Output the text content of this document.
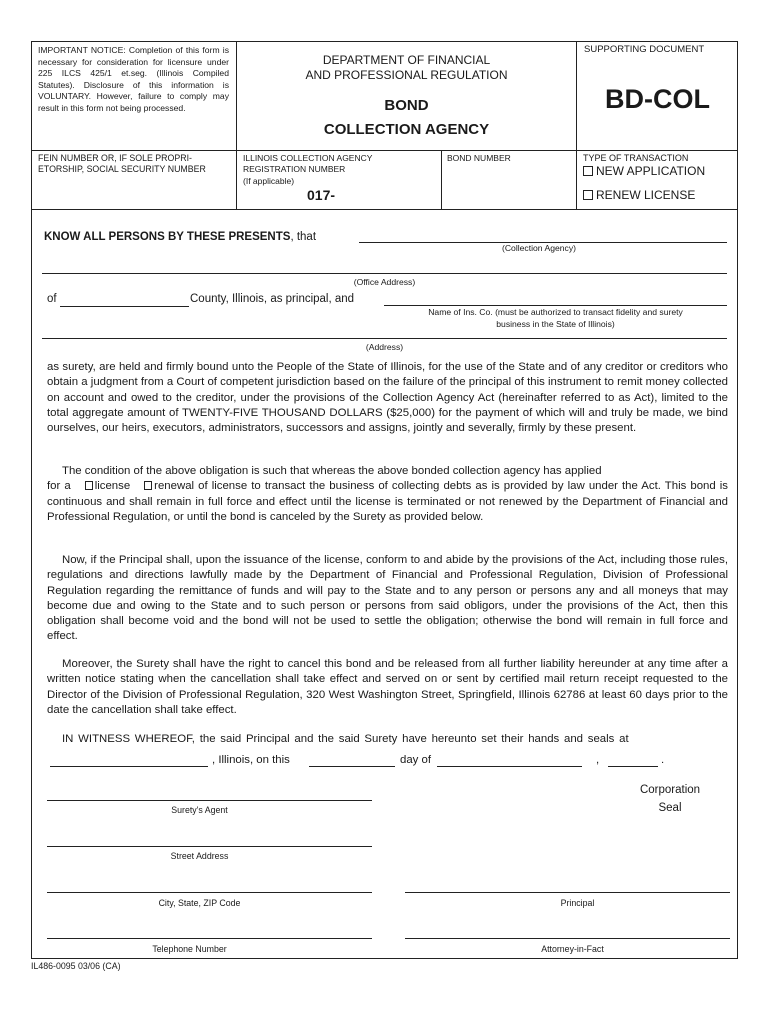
IMPORTANT NOTICE: Completion of this form is necessary for consideration for licensure under 225 ILCS 425/1 et.seg. (Illinois Compiled Statutes). Disclosure of this information is VOLUNTARY. However, failure to comply may result in this form not being processed.
DEPARTMENT OF FINANCIAL
AND PROFESSIONAL REGULATION
BOND
COLLECTION AGENCY
SUPPORTING DOCUMENT
BD-COL
FEIN NUMBER OR, IF SOLE PROPRI-ETORSHIP, SOCIAL SECURITY NUMBER
ILLINOIS COLLECTION AGENCY
REGISTRATION NUMBER
(If applicable)
017-
BOND NUMBER	TYPE OF TRANSACTION
NEW APPLICATION
RENEW LICENSE
KNOW ALL PERSONS BY THESE PRESENTS, that
(Collection Agency)
(Office Address)
of	County, Illinois, as principal, and
Name of Ins. Co. (must be authorized to transact fidelity and surety
business in the State of Illinois)
(Address)
as surety, are held and firmly bound unto the People of the State of Illinois, for the use of the State and of any creditor or creditors who obtain a judgment from a Court of competent jurisdiction based on the failure of the principal of this instrument to remit money collected on account and owed to the creditor, under the provisions of the Collection Agency Act (hereinafter referred to as Act), limited to the total aggregate amount of TWENTY-FIVE THOUSAND DOLLARS ($25,000) for the payment of which will and truly be made, we bind ourselves, our heirs, executors, administrators, successors and assigns, jointly and severally, firmly by these present.
The condition of the above obligation is such that whereas the above bonded collection agency has applied
for a license renewal of license to transact the business of collecting debts as is provided by law under the Act. This bond is continuous and shall remain in full force and effect until the license is terminated or not renewed by the Department of Financial and Professional Regulation, or until the bond is canceled by the Surety as provided below.
Now, if the Principal shall, upon the issuance of the license, conform to and abide by the provisions of the Act, including those rules, regulations and directions lawfully made by the Department of Financial and Professional Regulation, Division of Professional Regulation regarding the remittance of funds and will pay to the State and to any person or persons any and all moneys that may become due and owing to the State and to such person or persons from said obligors, under the provisions of the Act, then this obligation shall become void and the bond will not be used to settle the obligation; otherwise the bond will remain in full force and effect.
Moreover, the Surety shall have the right to cancel this bond and be released from all further liability hereunder at any time after a written notice stating when the cancellation shall take effect and served on or sent by certified mail return receipt requested to the Director of the Division of Professional Regulation, 320 West Washington Street, Springfield, Illinois 62786 at least 60 days prior to the date the cancellation shall take effect.
IN WITNESS WHEREOF, the said Principal and the said Surety have hereunto set their hands and seals at
, Illinois, on this	day of	,	.
Corporation
Seal
Surety's Agent
Street Address
City, State, ZIP Code	Principal
Telephone Number	Attorney-in-Fact
IL486-0095 03/06 (CA)
